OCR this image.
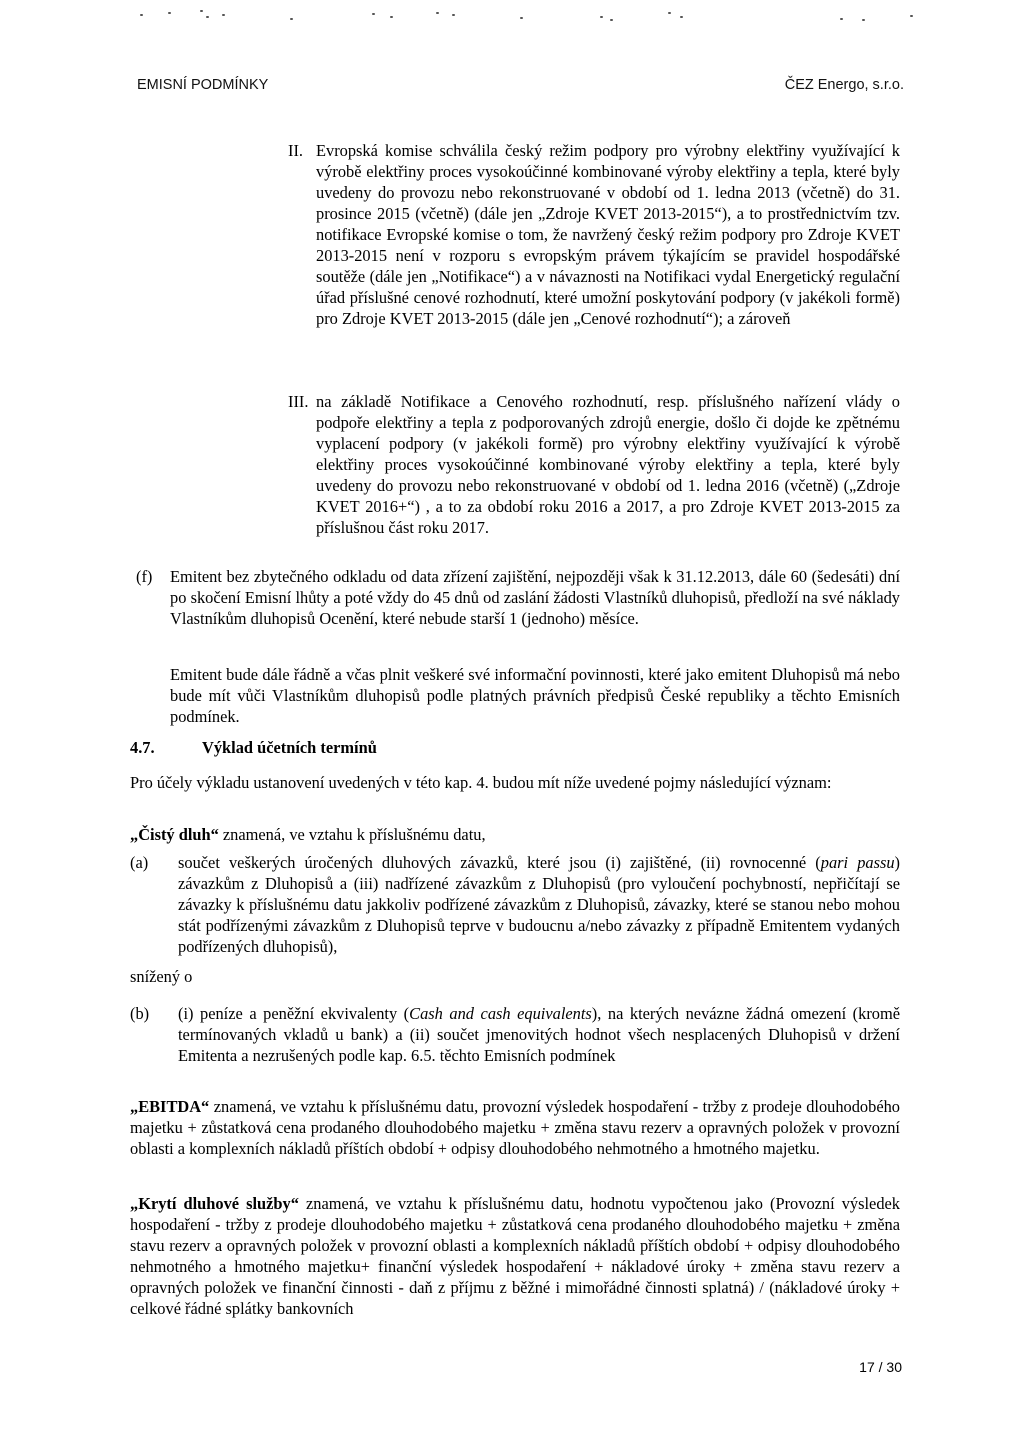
EMISNÍ PODMÍNKY	ČEZ Energo, s.r.o.
II. Evropská komise schválila český režim podpory pro výrobny elektřiny využívající k výrobě elektřiny proces vysokoúčinné kombinované výroby elektřiny a tepla, které byly uvedeny do provozu nebo rekonstruované v období od 1. ledna 2013 (včetně) do 31. prosince 2015 (včetně) (dále jen „Zdroje KVET 2013-2015“), a to prostřednictvím tzv. notifikace Evropské komise o tom, že navržený český režim podpory pro Zdroje KVET 2013-2015 není v rozporu s evropským právem týkajícím se pravidel hospodářské soutěže (dále jen „Notifikace“) a v návaznosti na Notifikaci vydal Energetický regulační úřad příslušné cenové rozhodnutí, které umožní poskytování podpory (v jakékoli formě) pro Zdroje KVET 2013-2015 (dále jen „Cenové rozhodnutí“); a zároveň

III. na základě Notifikace a Cenového rozhodnutí, resp. příslušného nařízení vlády o podpoře elektřiny a tepla z podporovaných zdrojů energie, došlo či dojde ke zpětnému vyplacení podpory (v jakékoli formě) pro výrobny elektřiny využívající k výrobě elektřiny proces vysokoúčinné kombinované výroby elektřiny a tepla, které byly uvedeny do provozu nebo rekonstruované v období od 1. ledna 2016 (včetně) („Zdroje KVET 2016+“) , a to za období roku 2016 a 2017, a pro Zdroje KVET 2013-2015 za příslušnou část roku 2017.

(f) Emitent bez zbytečného odkladu od data zřízení zajištění, nejpozději však k 31.12.2013, dále 60 (šedesáti) dní po skočení Emisní lhůty a poté vždy do 45 dnů od zaslání žádosti Vlastníků dluhopisů, předloží na své náklady Vlastníkům dluhopisů Ocenění, které nebude starší 1 (jednoho) měsíce.

Emitent bude dále řádně a včas plnit veškeré své informační povinnosti, které jako emitent Dluhopisů má nebo bude mít vůči Vlastníkům dluhopisů podle platných právních předpisů České republiky a těchto Emisních podmínek.

4.7.	Výklad účetních termínů

Pro účely výkladu ustanovení uvedených v této kap. 4. budou mít níže uvedené pojmy následující význam:

„Čistý dluh“ znamená, ve vztahu k příslušnému datu,

(a) součet veškerých úročených dluhových závazků, které jsou (i) zajištěné, (ii) rovnocenné (pari passu) závazkům z Dluhopisů a (iii) nadřízené závazkům z Dluhopisů (pro vyloučení pochybností, nepřičítají se závazky k příslušnému datu jakkoliv podřízené závazkům z Dluhopisů, závazky, které se stanou nebo mohou stát podřízenými závazkům z Dluhopisů teprve v budoucnu a/nebo závazky z případně Emitentem vydaných podřízených dluhopisů),

snížený o

(b) (i) peníze a peněžní ekvivalenty (Cash and cash equivalents), na kterých nevázne žádná omezení (kromě termínovaných vkladů u bank) a (ii) součet jmenovitých hodnot všech nesplacených Dluhopisů v držení Emitenta a nezrušených podle kap. 6.5. těchto Emisních podmínek

„EBITDA“ znamená, ve vztahu k příslušnému datu, provozní výsledek hospodaření - tržby z prodeje dlouhodobého majetku + zůstatková cena prodaného dlouhodobého majetku + změna stavu rezerv a opravných položek v provozní oblasti a komplexních nákladů příštích období + odpisy dlouhodobého nehmotného a hmotného majetku.

„Krytí dluhové služby“ znamená, ve vztahu k příslušnému datu, hodnotu vypočtenou jako (Provozní výsledek hospodaření - tržby z prodeje dlouhodobého majetku + zůstatková cena prodaného dlouhodobého majetku + změna stavu rezerv a opravných položek v provozní oblasti a komplexních nákladů příštích období + odpisy dlouhodobého nehmotného a hmotného majetku+ finanční výsledek hospodaření + nákladové úroky + změna stavu rezerv a opravných položek ve finanční činnosti - daň z příjmu z běžné i mimořádné činnosti splatná) / (nákladové úroky + celkové řádné splátky bankovních

17 / 30
